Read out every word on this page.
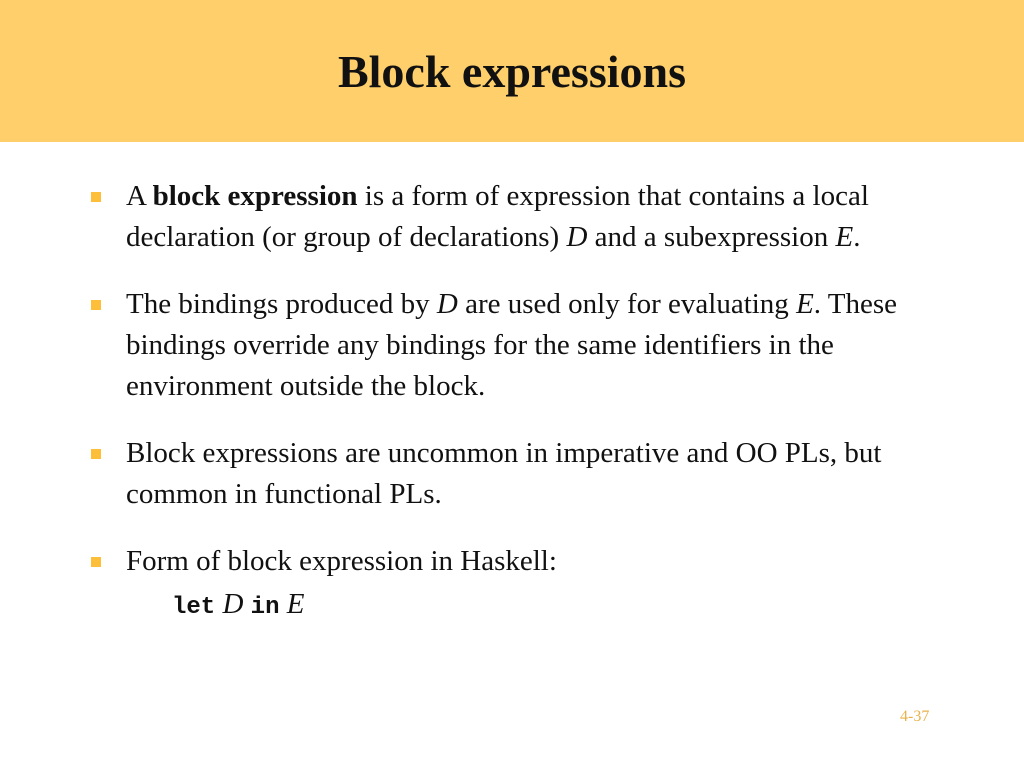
Block expressions
A block expression is a form of expression that contains a local declaration (or group of declarations) D and a subexpression E.
The bindings produced by D are used only for evaluating E. These bindings override any bindings for the same identifiers in the environment outside the block.
Block expressions are uncommon in imperative and OO PLs, but common in functional PLs.
Form of block expression in Haskell:
let D in E
4-37
